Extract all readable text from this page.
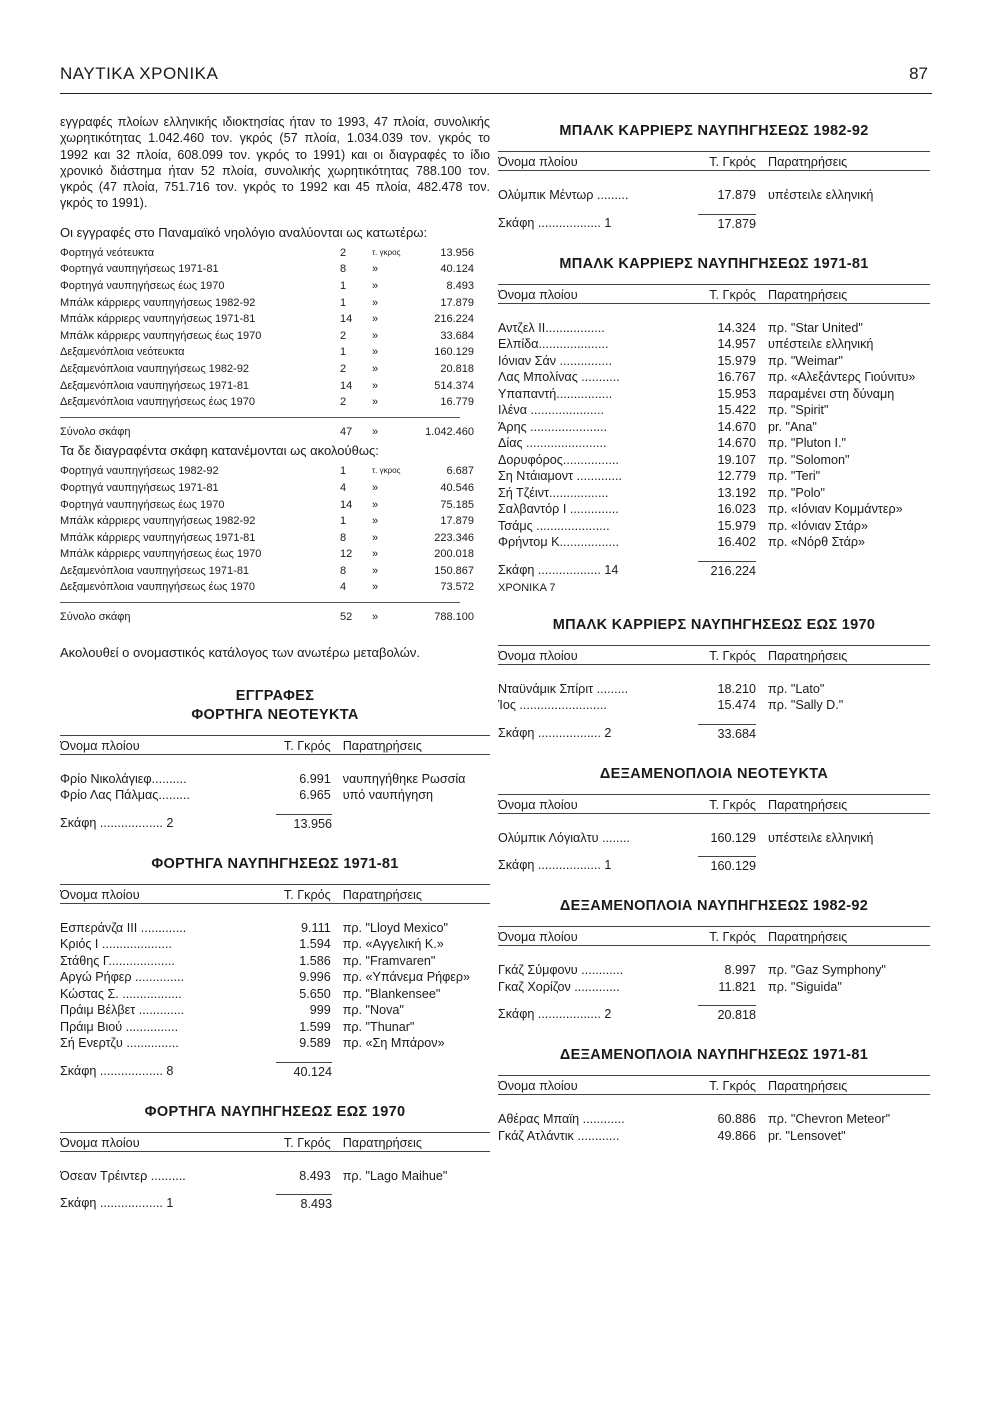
ΝΑΥΤΙΚΑ ΧΡΟΝΙΚΑ	87

εγγραφές πλοίων ελληνικής ιδιοκτησίας ήταν το 1993, 47 πλοία, συνολικής χωρητικότητας 1.042.460 τον. γκρός (57 πλοία, 1.034.039 τον. γκρός το 1992 και 32 πλοία, 608.099 τον. γκρός το 1991) και οι διαγραφές το ίδιο χρονικό διάστημα ήταν 52 πλοία, συνολικής χωρητικότητας 788.100 τον. γκρός (47 πλοία, 751.716 τον. γκρός το 1992 και 45 πλοία, 482.478 τον. γκρός το 1991).

Οι εγγραφές στο Παναμαϊκό νηολόγιο αναλύονται ως κατωτέρω:

Φορτηγά νεότευκτα	2	τ. γκρος	13.956
Φορτηγά ναυπηγήσεως 1971-81	8	»	40.124
Φορτηγά ναυπηγήσεως έως 1970	1	»	8.493
Μπάλκ κάρριερς ναυπηγήσεως 1982-92	1	»	17.879
Μπάλκ κάρριερς ναυπηγήσεως 1971-81	14	»	216.224
Μπάλκ κάρριερς ναυπηγήσεως έως 1970	2	»	33.684
Δεξαμενόπλοια νεότευκτα	1	»	160.129
Δεξαμενόπλοια ναυπηγήσεως 1982-92	2	»	20.818
Δεξαμενόπλοια ναυπηγήσεως 1971-81	14	»	514.374
Δεξαμενόπλοια ναυπηγήσεως έως 1970	2	»	16.779
Σύνολο σκάφη	47	»	1.042.460

Τα δε διαγραφέντα σκάφη κατανέμονται ως ακολούθως:

Φορτηγά ναυπηγήσεως 1982-92	1	τ. γκρος	6.687
Φορτηγά ναυπηγήσεως 1971-81	4	»	40.546
Φορτηγά ναυπηγήσεως έως 1970	14	»	75.185
Μπάλκ κάρριερς ναυπηγήσεως 1982-92	1	»	17.879
Μπάλκ κάρριερς ναυπηγήσεως 1971-81	8	»	223.346
Μπάλκ κάρριερς ναυπηγήσεως έως 1970	12	»	200.018
Δεξαμενόπλοια ναυπηγήσεως 1971-81	8	»	150.867
Δεξαμενόπλοια ναυπηγήσεως έως 1970	4	»	73.572
Σύνολο σκάφη	52	»	788.100

Ακολουθεί ο ονομαστικός κατάλογος των ανωτέρω μεταβολών.

ΕΓΓΡΑΦΕΣ
ΦΟΡΤΗΓΑ ΝΕΟΤΕΥΚΤΑ
Όνομα πλοίου	Τ. Γκρός Παρατηρήσεις
Φρίο Νικολάγιεφ..........	6.991 ναυπηγήθηκε Ρωσσία
Φρίο Λας Πάλμας.........	6.965 υπό ναυπήγηση
Σκάφη .................. 2	13.956
ΦΟΡΤΗΓΑ ΝΑΥΠΗΓΗΣΕΩΣ 1971-81
Όνομα πλοίου	Τ. Γκρός Παρατηρήσεις
Εσπεράνζα III .............	9.111 πρ. "Lloyd Mexico"
Κριός Ι ....................	1.594 πρ. «Αγγελική Κ.»
Στάθης Γ...................	1.586 πρ. "Framvaren"
Αργώ Ρήφερ ..............	9.996 πρ. «Υπάνεμα Ρήφερ»
Κώστας Σ. .................	5.650 πρ. "Blankensee"
Πράιμ Βέλβετ .............	999 πρ. "Nova"
Πράιμ Βιού ...............	1.599 πρ. "Thunar"
Σή Ενερτζυ ...............	9.589 πρ. «Ση Μπάρον»
Σκάφη .................. 8	40.124
ΦΟΡΤΗΓΑ ΝΑΥΠΗΓΗΣΕΩΣ ΕΩΣ 1970
Όνομα πλοίου	Τ. Γκρός Παρατηρήσεις
Όσεαν Τρέιντερ ..........	8.493 πρ. "Lago Maihue"
Σκάφη .................. 1	8.493
ΜΠΑΛΚ ΚΑΡΡΙΕΡΣ ΝΑΥΠΗΓΗΣΕΩΣ 1982-92
Όνομα πλοίου	Τ. Γκρός Παρατηρήσεις
Ολύμπικ Μέντωρ .........	17.879 υπέστειλε ελληνική
Σκάφη .................. 1	17.879
ΜΠΑΛΚ ΚΑΡΡΙΕΡΣ ΝΑΥΠΗΓΗΣΕΩΣ 1971-81
Όνομα πλοίου	Τ. Γκρός Παρατηρήσεις
Αντζελ ΙΙ.................	14.324 πρ. "Star United"
Ελπίδα....................	14.957 υπέστειλε ελληνική
Ιόνιαν Σάν ...............	15.979 πρ. "Weimar"
Λας Μπολίνας ...........	16.767 πρ. «Αλεξάντερς Γιούνιτυ»
Υπαπαντή................	15.953 παραμένει στη δύναμη
Ιλένα .....................	15.422 πρ. "Spirit"
Άρης ......................	14.670 pr. "Ana"
Δίας .......................	14.670 πρ. "Pluton I."
Δορυφόρος................	19.107 πρ. "Solomon"
Ση Ντάιαμοντ .............	12.779 πρ. "Teri"
Σή Τζέιντ.................	13.192 πρ. "Polo"
Σαλβαντόρ Ι ..............	16.023 πρ. «Ιόνιαν Κομμάντερ»
Τσάμς .....................	15.979 πρ. «Ιόνιαν Στάρ»
Φρήντομ Κ.................	16.402 πρ. «Νόρθ Στάρ»
Σκάφη .................. 14	216.224
ΧΡΟΝΙΚΑ 7
ΜΠΑΛΚ ΚΑΡΡΙΕΡΣ ΝΑΥΠΗΓΗΣΕΩΣ ΕΩΣ 1970
Όνομα πλοίου	Τ. Γκρός Παρατηρήσεις
Νταϋνάμικ Σπίριτ .........	18.210 πρ. "Lato"
Ίος .........................	15.474 πρ. "Sally D."
Σκάφη .................. 2	33.684
ΔΕΞΑΜΕΝΟΠΛΟΙΑ ΝΕΟΤΕΥΚΤΑ
Όνομα πλοίου	Τ. Γκρός Παρατηρήσεις
Ολύμπικ Λόγιαλτυ ........	160.129 υπέστειλε ελληνική
Σκάφη .................. 1	160.129
ΔΕΞΑΜΕΝΟΠΛΟΙΑ ΝΑΥΠΗΓΗΣΕΩΣ 1982-92
Όνομα πλοίου	Τ. Γκρός Παρατηρήσεις
Γκάζ Σύμφονυ ............	8.997 πρ. "Gaz Symphony"
Γκαζ Χορίζον .............	11.821 πρ. "Siguida"
Σκάφη .................. 2	20.818
ΔΕΞΑΜΕΝΟΠΛΟΙΑ ΝΑΥΠΗΓΗΣΕΩΣ 1971-81
Όνομα πλοίου	Τ. Γκρός Παρατηρήσεις
Αθέρας Μπαϊη ............	60.886 πρ. "Chevron Meteor"
Γκάζ Ατλάντικ ............	49.866 pr. "Lensovet"
